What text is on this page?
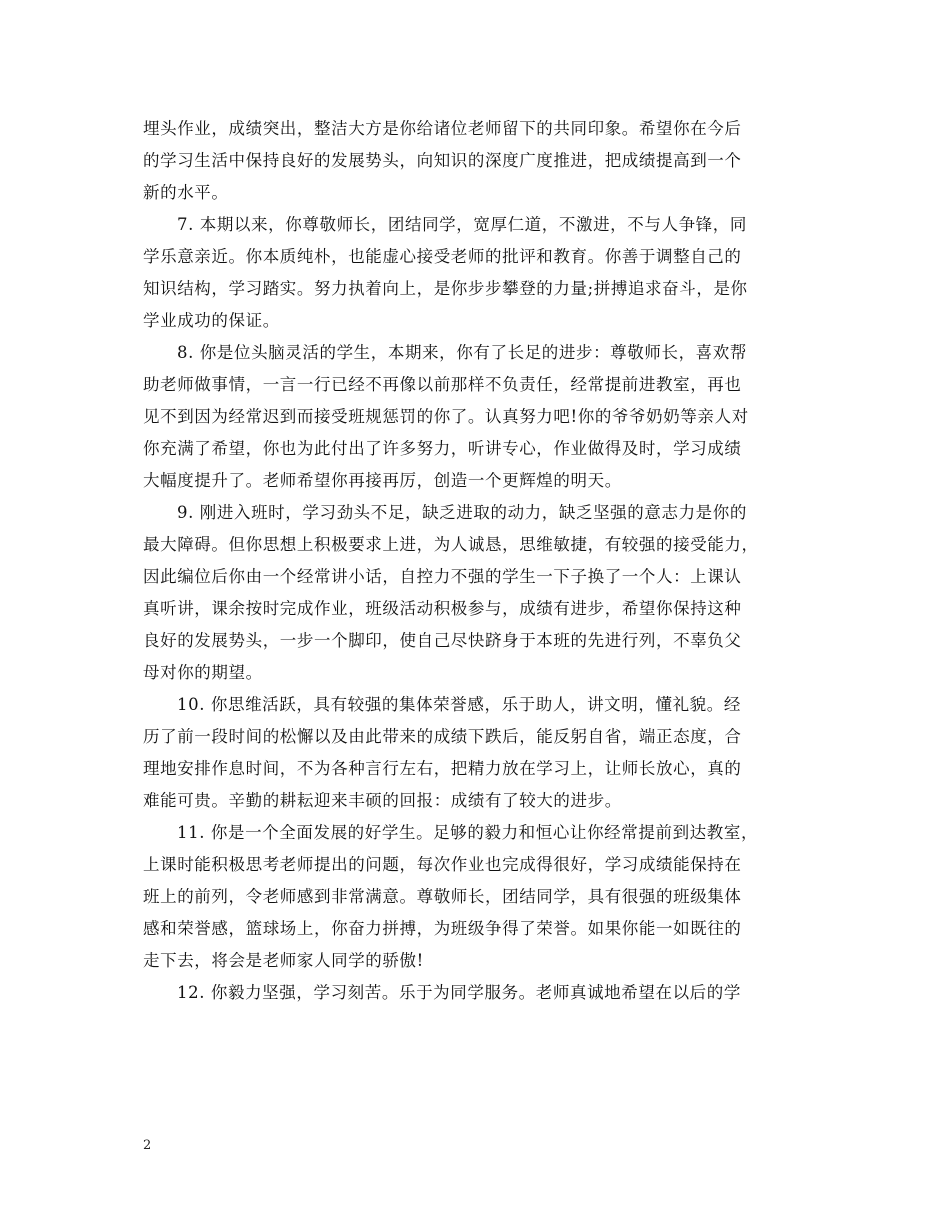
埋头作业，成绩突出，整洁大方是你给诸位老师留下的共同印象。希望你在今后
的学习生活中保持良好的发展势头，向知识的深度广度推进，把成绩提高到一个
新的水平。
7. 本期以来，你尊敬师长，团结同学，宽厚仁道，不激进，不与人争锋，同
学乐意亲近。你本质纯朴，也能虚心接受老师的批评和教育。你善于调整自己的
知识结构，学习踏实。努力执着向上，是你步步攀登的力量;拼搏追求奋斗，是你
学业成功的保证。
8. 你是位头脑灵活的学生，本期来，你有了长足的进步：尊敬师长，喜欢帮
助老师做事情，一言一行已经不再像以前那样不负责任，经常提前进教室，再也
见不到因为经常迟到而接受班规惩罚的你了。认真努力吧!你的爷爷奶奶等亲人对
你充满了希望，你也为此付出了许多努力，听讲专心，作业做得及时，学习成绩
大幅度提升了。老师希望你再接再厉，创造一个更辉煌的明天。
9. 刚进入班时，学习劲头不足，缺乏进取的动力，缺乏坚强的意志力是你的
最大障碍。但你思想上积极要求上进，为人诚恳，思维敏捷，有较强的接受能力，
因此编位后你由一个经常讲小话，自控力不强的学生一下子换了一个人：上课认
真听讲，课余按时完成作业，班级活动积极参与，成绩有进步，希望你保持这种
良好的发展势头，一步一个脚印，使自己尽快跻身于本班的先进行列，不辜负父
母对你的期望。
10. 你思维活跃，具有较强的集体荣誉感，乐于助人，讲文明，懂礼貌。经
历了前一段时间的松懈以及由此带来的成绩下跌后，能反躬自省，端正态度，合
理地安排作息时间，不为各种言行左右，把精力放在学习上，让师长放心，真的
难能可贵。辛勤的耕耘迎来丰硕的回报：成绩有了较大的进步。
11. 你是一个全面发展的好学生。足够的毅力和恒心让你经常提前到达教室，
上课时能积极思考老师提出的问题，每次作业也完成得很好，学习成绩能保持在
班上的前列，令老师感到非常满意。尊敬师长，团结同学，具有很强的班级集体
感和荣誉感，篮球场上，你奋力拼搏，为班级争得了荣誉。如果你能一如既往的
走下去，将会是老师家人同学的骄傲!
12. 你毅力坚强，学习刻苦。乐于为同学服务。老师真诚地希望在以后的学
2
